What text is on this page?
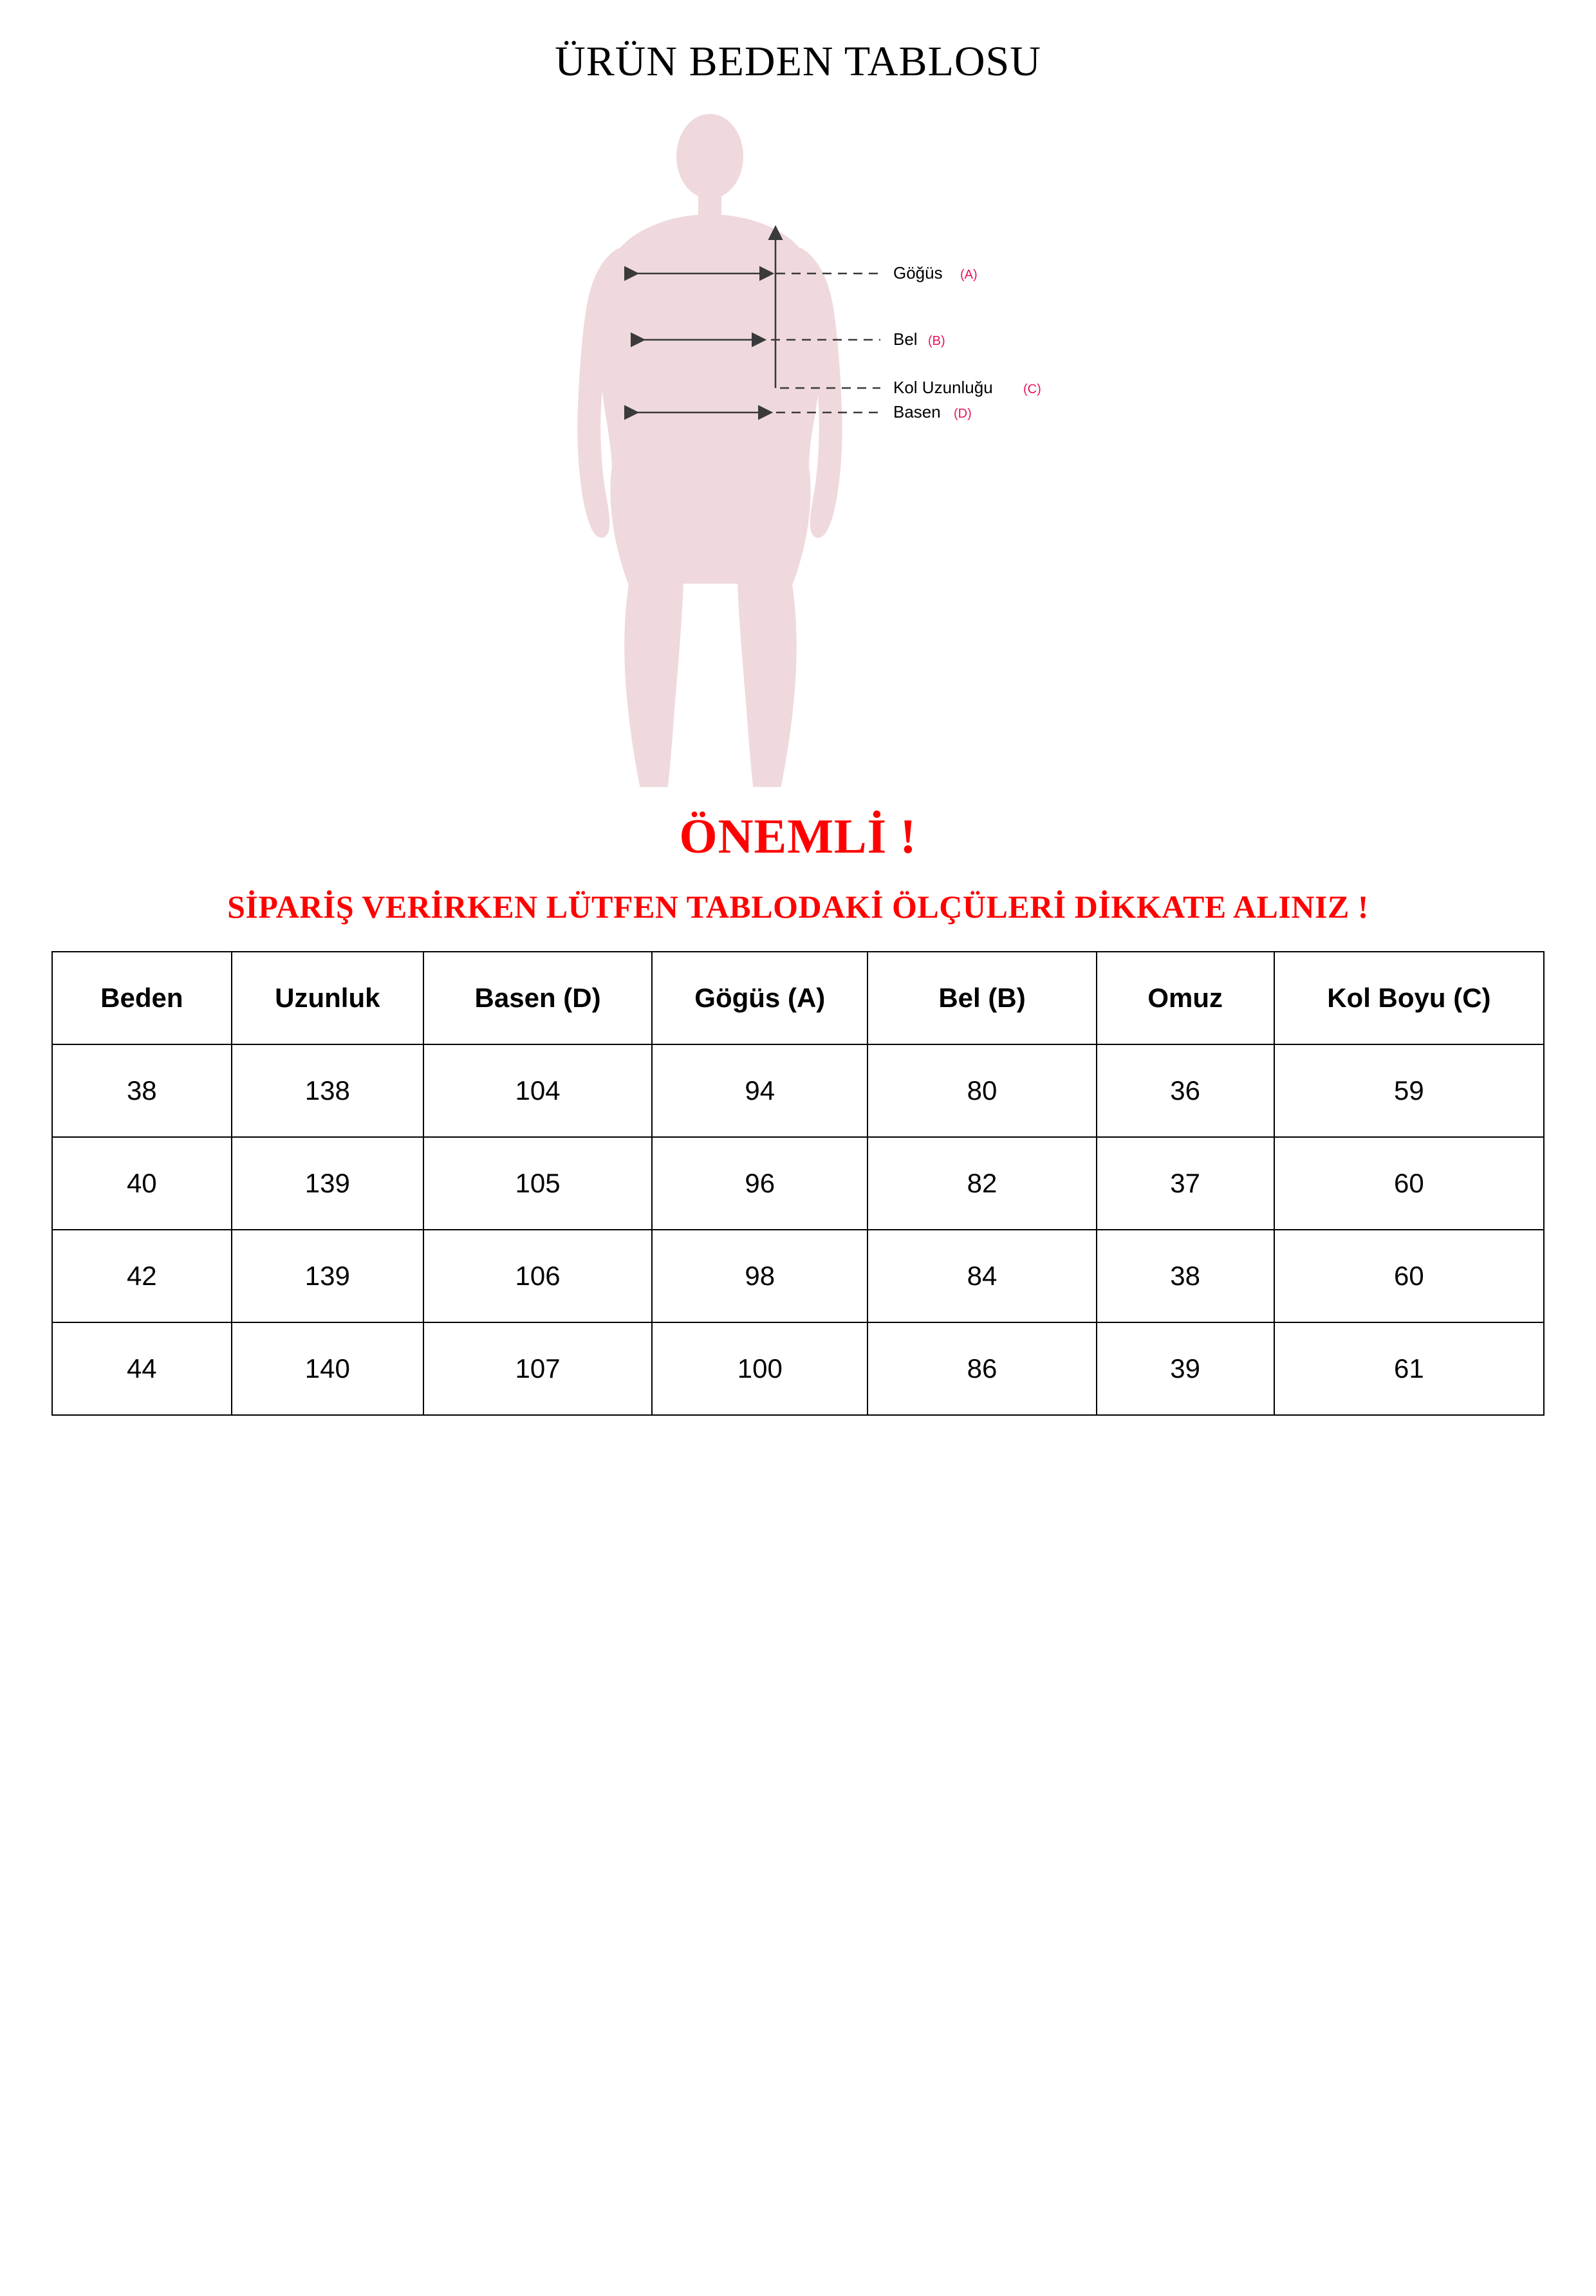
ÜRÜN BEDEN TABLOSU
Göğüs (A)
Bel (B)
Kol Uzunluğu (C)
Basen (D)
ÖNEMLİ !
SİPARİŞ VERİRKEN LÜTFEN TABLODAKİ ÖLÇÜLERİ DİKKATE ALINIZ !
Beden	Uzunluk	Basen (D)	Gögüs (A)	Bel (B)	Omuz	Kol Boyu (C)
38	138	104	94	80	36	59
40	139	105	96	82	37	60
42	139	106	98	84	38	60
44	140	107	100	86	39	61
